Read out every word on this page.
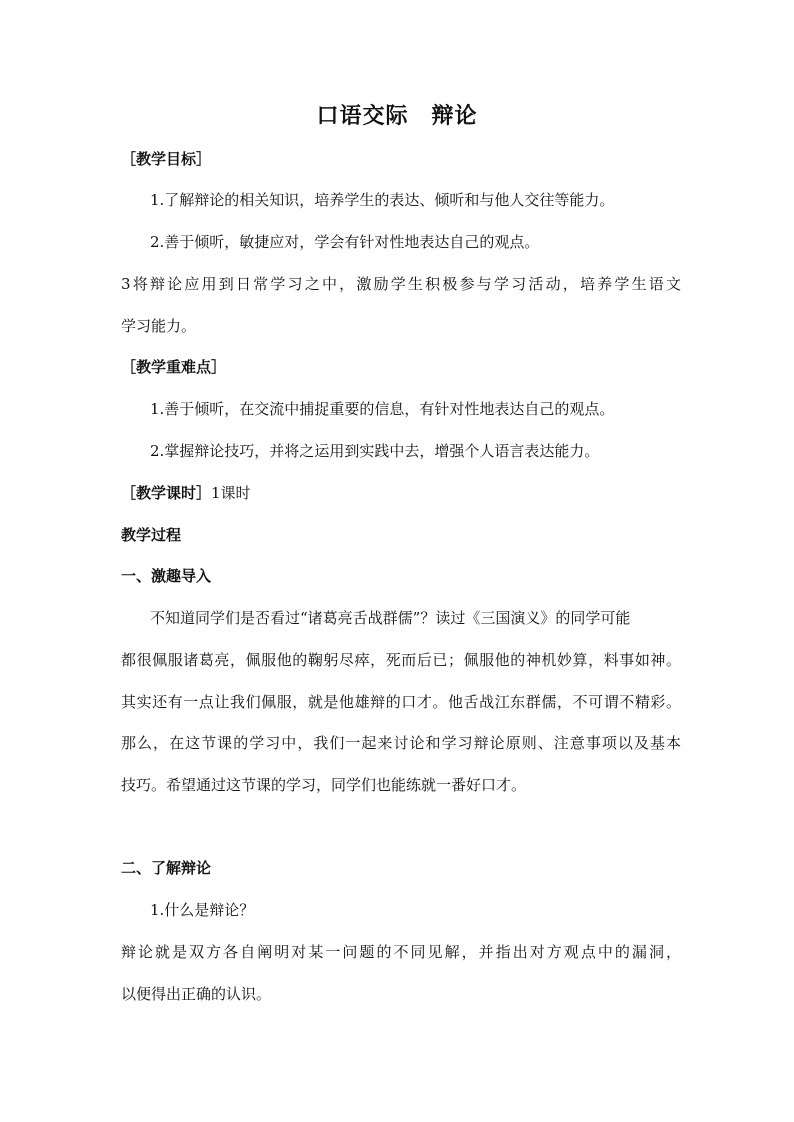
口语交际　辩论
［教学目标］
1.了解辩论的相关知识，培养学生的表达、倾听和与他人交往等能力。
2.善于倾听，敏捷应对，学会有针对性地表达自己的观点。
3将辩论应用到日常学习之中，激励学生积极参与学习活动，培养学生语文
学习能力。
［教学重难点］
1.善于倾听，在交流中捕捉重要的信息，有针对性地表达自己的观点。
2.掌握辩论技巧，并将之运用到实践中去，增强个人语言表达能力。
［教学课时］1课时
教学过程
一、激趣导入
不知道同学们是否看过“诸葛亮舌战群儒”？读过《三国演义》的同学可能
都很佩服诸葛亮，佩服他的鞠躬尽瘁，死而后已；佩服他的神机妙算，料事如神。
其实还有一点让我们佩服，就是他雄辩的口才。他舌战江东群儒，不可谓不精彩。
那么，在这节课的学习中，我们一起来讨论和学习辩论原则、注意事项以及基本
技巧。希望通过这节课的学习，同学们也能练就一番好口才。
二、了解辩论
1.什么是辩论？
辩论就是双方各自阐明对某一问题的不同见解，并指出对方观点中的漏洞，
以便得出正确的认识。
